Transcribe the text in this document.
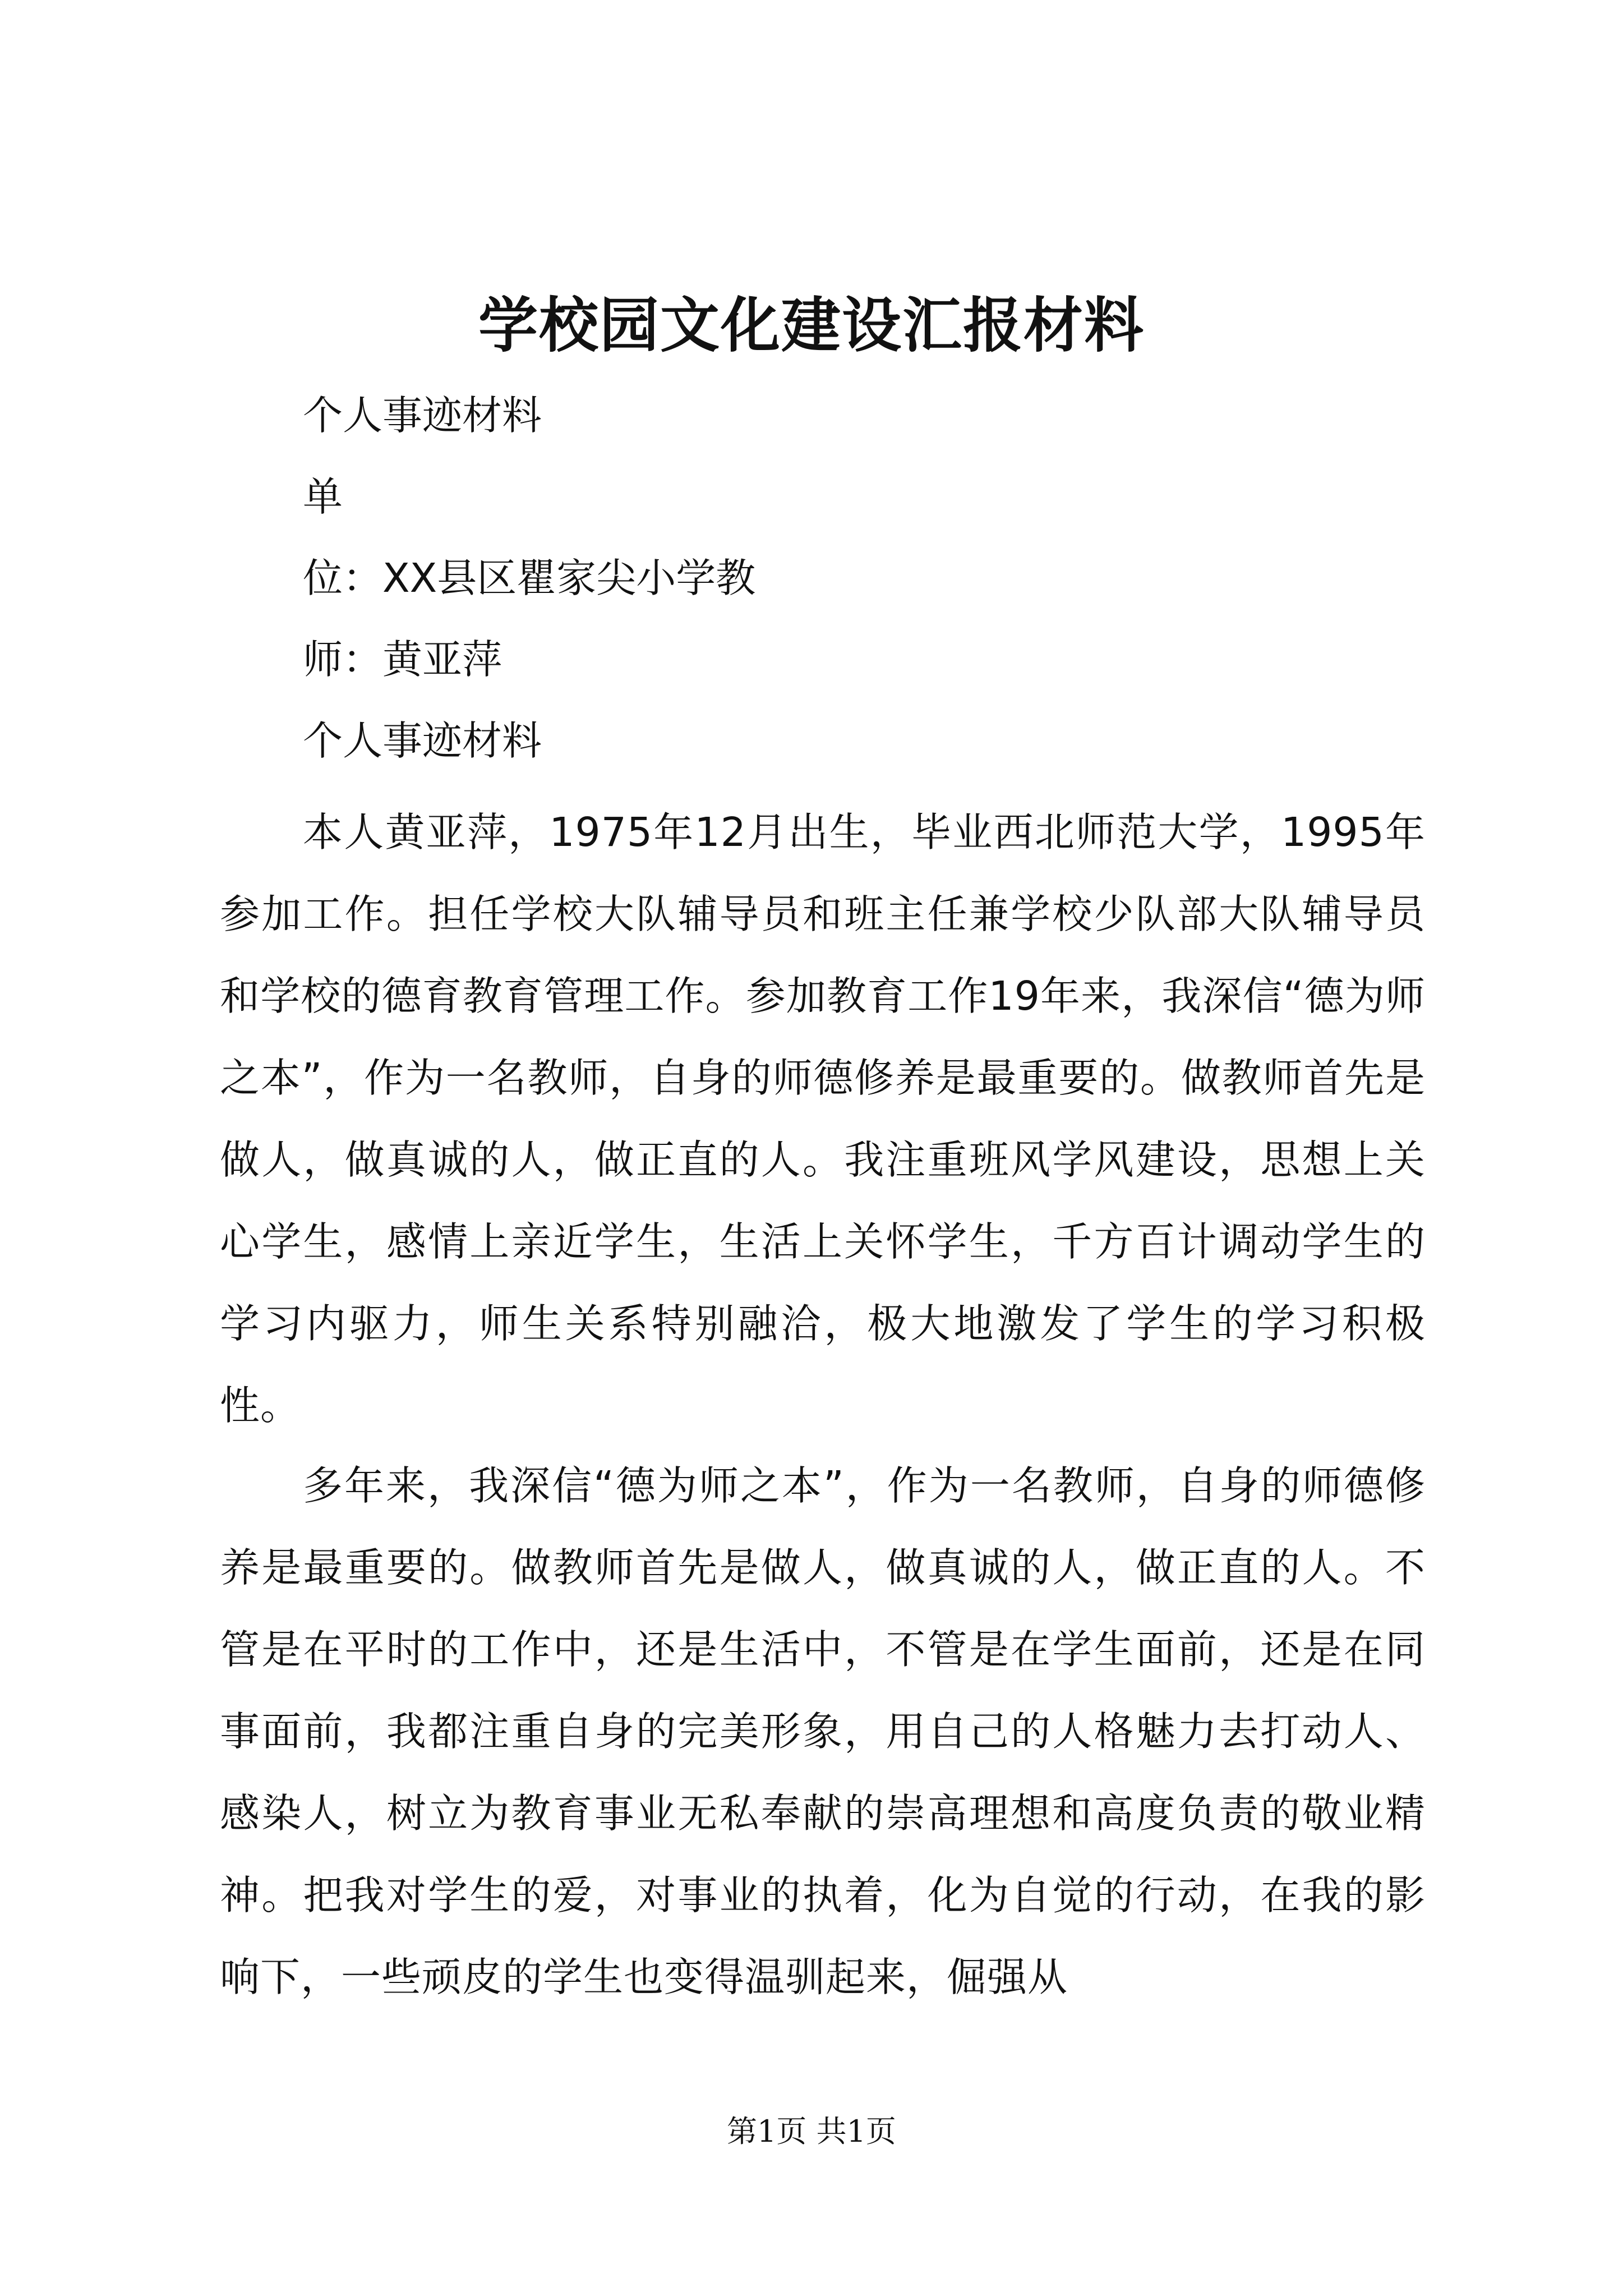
学校园文化建设汇报材料
个人事迹材料
单
位：XX县区瞿家尖小学教
师：黄亚萍
个人事迹材料
本人黄亚萍，1975年12月出生，毕业西北师范大学，1995年参加工作。担任学校大队辅导员和班主任兼学校少队部大队辅导员和学校的德育教育管理工作。参加教育工作19年来，我深信“德为师之本”，作为一名教师，自身的师德修养是最重要的。做教师首先是做人，做真诚的人，做正直的人。我注重班风学风建设，思想上关心学生，感情上亲近学生，生活上关怀学生，千方百计调动学生的学习内驱力，师生关系特别融洽，极大地激发了学生的学习积极性。
多年来，我深信“德为师之本”，作为一名教师，自身的师德修养是最重要的。做教师首先是做人，做真诚的人，做正直的人。不管是在平时的工作中，还是生活中，不管是在学生面前，还是在同事面前，我都注重自身的完美形象，用自己的人格魅力去打动人、感染人，树立为教育事业无私奉献的崇高理想和高度负责的敬业精神。把我对学生的爱，对事业的执着，化为自觉的行动，在我的影响下，一些顽皮的学生也变得温驯起来，倔强从
第1页 共1页
